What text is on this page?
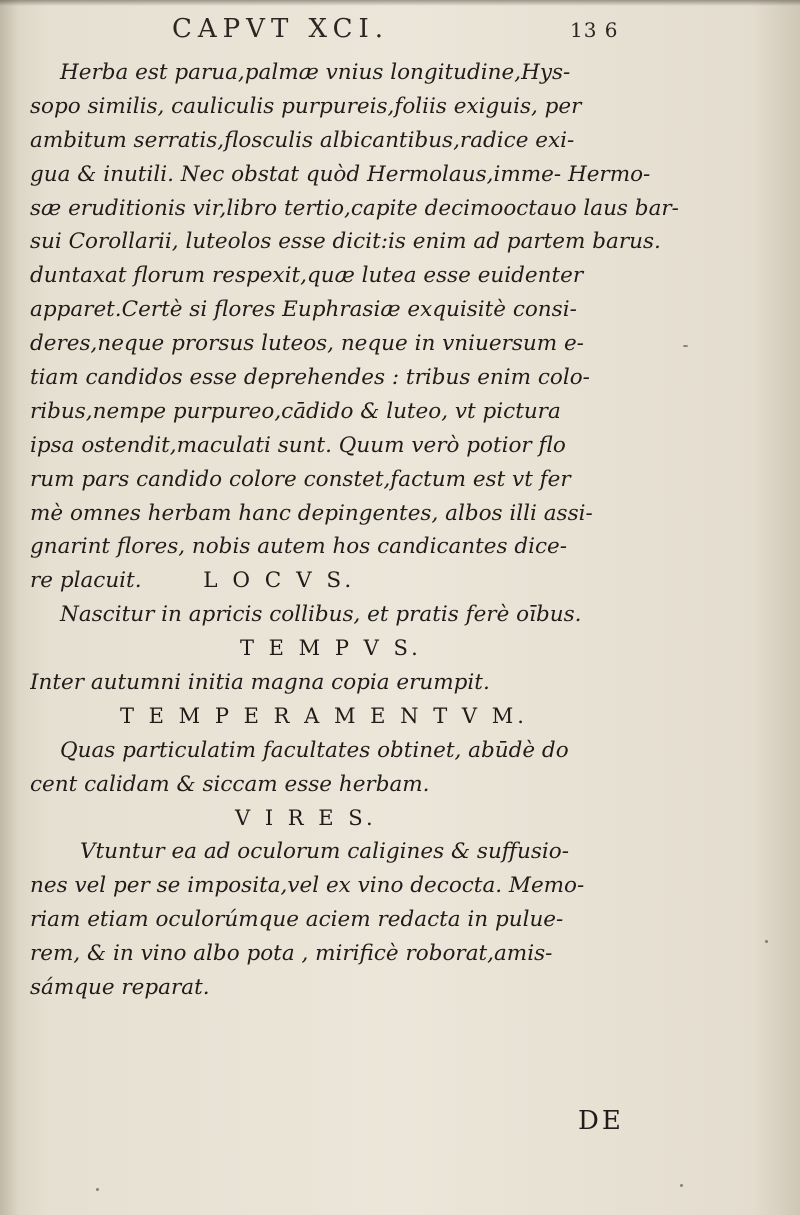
CAPVT XCI.	13 6
Herba est parua,palmæ vnius longitudine,Hys-
sopo similis, cauliculis purpureis,foliis exiguis, per
ambitum serratis,flosculis albicantibus,radice exi-
gua & inutili. Nec obstat quòd Hermolaus,imme- Hermo-
sæ eruditionis vir,libro tertio,capite decimooctauo laus bar-
sui Corollarii, luteolos esse dicit:is enim ad partem barus.
duntaxat florum respexit,quæ lutea esse euidenter
apparet.Certè si flores Euphrasiæ exquisitè consi-
deres,neque prorsus luteos, neque in vniuersum e-
tiam candidos esse deprehendes : tribus enim colo-
ribus,nempe purpureo,cādido & luteo, vt pictura
ipsa ostendit,maculati sunt. Quum verò potior flo
rum pars candido colore constet,factum est vt fer
mè omnes herbam hanc depingentes, albos illi assi-
gnarint flores, nobis autem hos candicantes dice-
re placuit.	L O C V S.
Nascitur in apricis collibus, et pratis ferè oībus.
T E M P V S.
Inter autumni initia magna copia erumpit.
T E M P E R A M E N T V M.
Quas particulatim facultates obtinet, abūdè do
cent calidam & siccam esse herbam.
V I R E S.
Vtuntur ea ad oculorum caligines & suffusio-
nes vel per se imposita,vel ex vino decocta. Memo-
riam etiam oculorúmque aciem redacta in pulue-
rem, & in vino albo pota , mirificè roborat,amis-
sámque reparat.
DE
